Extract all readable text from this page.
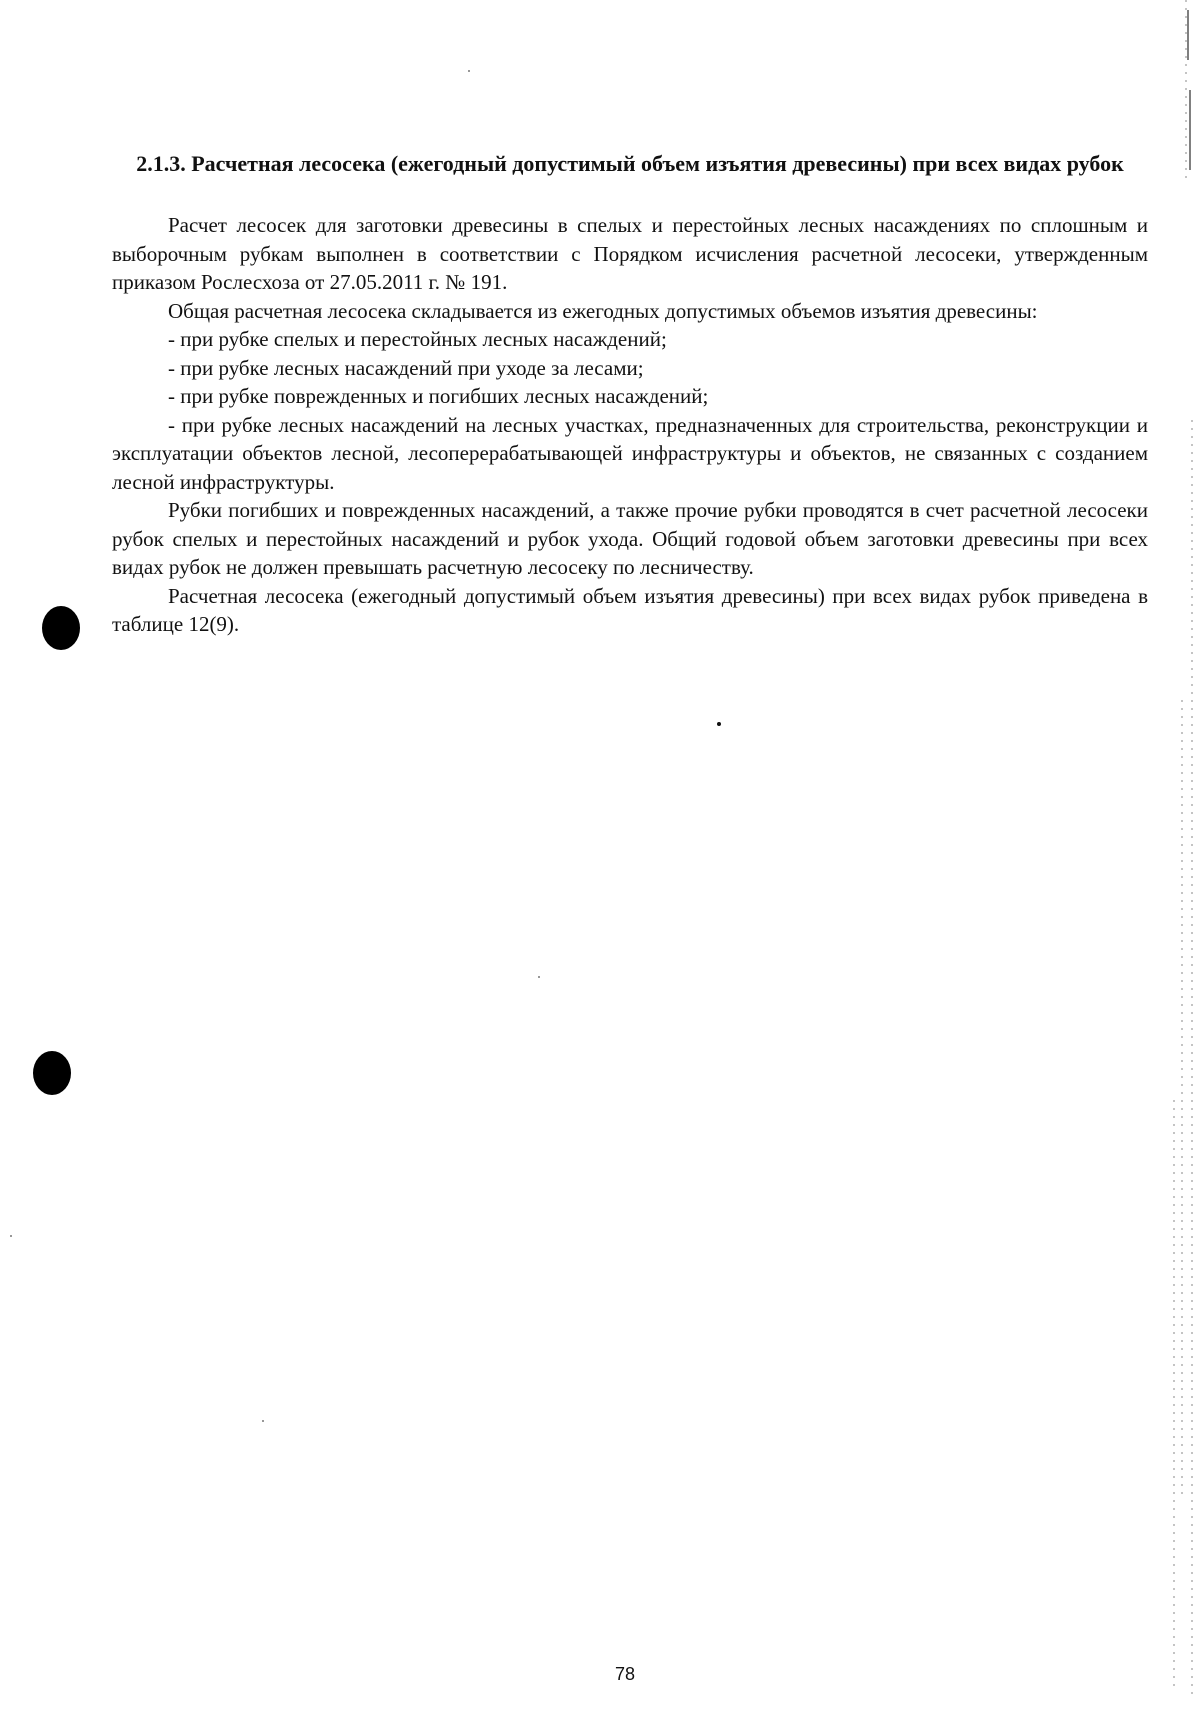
2.1.3. Расчетная лесосека (ежегодный допустимый объем изъятия древесины) при всех видах рубок

Расчет лесосек для заготовки древесины в спелых и перестойных лесных насаждениях по сплошным и выборочным рубкам выполнен в соответствии с Порядком исчисления расчетной лесосеки, утвержденным приказом Рослесхоза от 27.05.2011 г. № 191.

Общая расчетная лесосека складывается из ежегодных допустимых объемов изъятия древесины:

- при рубке спелых и перестойных лесных насаждений;

- при рубке лесных насаждений при уходе за лесами;

- при рубке поврежденных и погибших лесных насаждений;

- при рубке лесных насаждений на лесных участках, предназначенных для строительства, реконструкции и эксплуатации объектов лесной, лесоперерабатывающей инфраструктуры и объектов, не связанных с созданием лесной инфраструктуры.

Рубки погибших и поврежденных насаждений, а также прочие рубки проводятся в счет расчетной лесосеки рубок спелых и перестойных насаждений и рубок ухода. Общий годовой объем заготовки древесины при всех видах рубок не должен превышать расчетную лесосеку по лесничеству.

Расчетная лесосека (ежегодный допустимый объем изъятия древесины) при всех видах рубок приведена в таблице 12(9).

78
